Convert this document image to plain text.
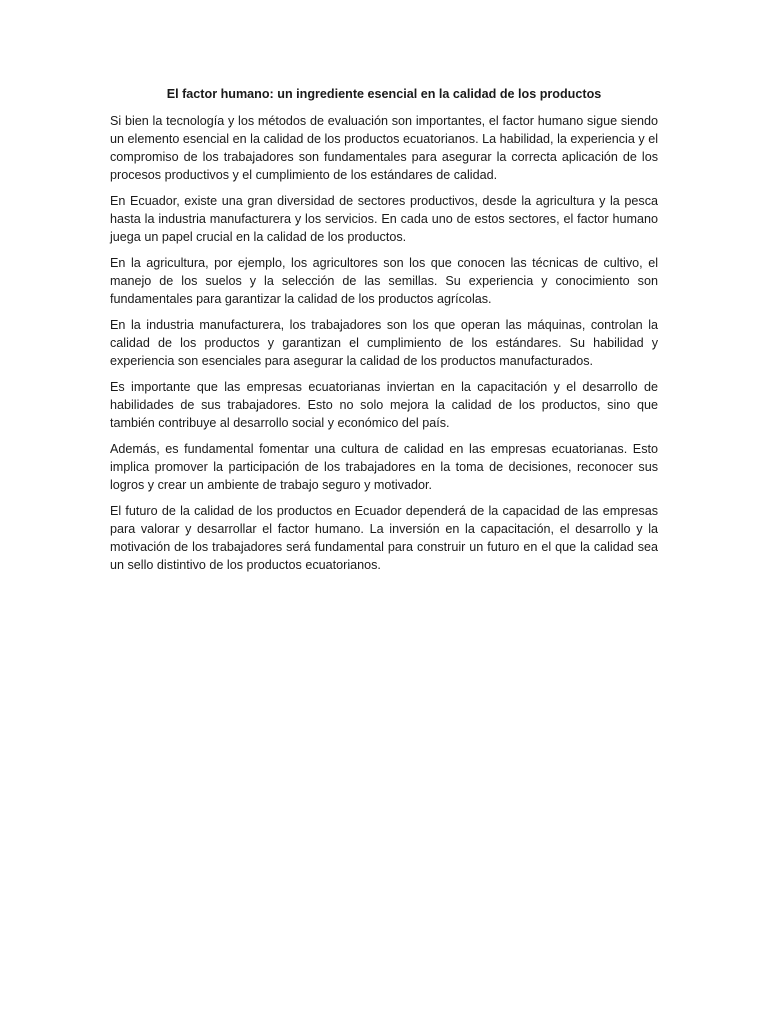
El factor humano: un ingrediente esencial en la calidad de los productos

Si bien la tecnología y los métodos de evaluación son importantes, el factor humano sigue siendo un elemento esencial en la calidad de los productos ecuatorianos. La habilidad, la experiencia y el compromiso de los trabajadores son fundamentales para asegurar la correcta aplicación de los procesos productivos y el cumplimiento de los estándares de calidad.

En Ecuador, existe una gran diversidad de sectores productivos, desde la agricultura y la pesca hasta la industria manufacturera y los servicios. En cada uno de estos sectores, el factor humano juega un papel crucial en la calidad de los productos.

En la agricultura, por ejemplo, los agricultores son los que conocen las técnicas de cultivo, el manejo de los suelos y la selección de las semillas. Su experiencia y conocimiento son fundamentales para garantizar la calidad de los productos agrícolas.

En la industria manufacturera, los trabajadores son los que operan las máquinas, controlan la calidad de los productos y garantizan el cumplimiento de los estándares. Su habilidad y experiencia son esenciales para asegurar la calidad de los productos manufacturados.

Es importante que las empresas ecuatorianas inviertan en la capacitación y el desarrollo de habilidades de sus trabajadores. Esto no solo mejora la calidad de los productos, sino que también contribuye al desarrollo social y económico del país.

Además, es fundamental fomentar una cultura de calidad en las empresas ecuatorianas. Esto implica promover la participación de los trabajadores en la toma de decisiones, reconocer sus logros y crear un ambiente de trabajo seguro y motivador.

El futuro de la calidad de los productos en Ecuador dependerá de la capacidad de las empresas para valorar y desarrollar el factor humano. La inversión en la capacitación, el desarrollo y la motivación de los trabajadores será fundamental para construir un futuro en el que la calidad sea un sello distintivo de los productos ecuatorianos.
